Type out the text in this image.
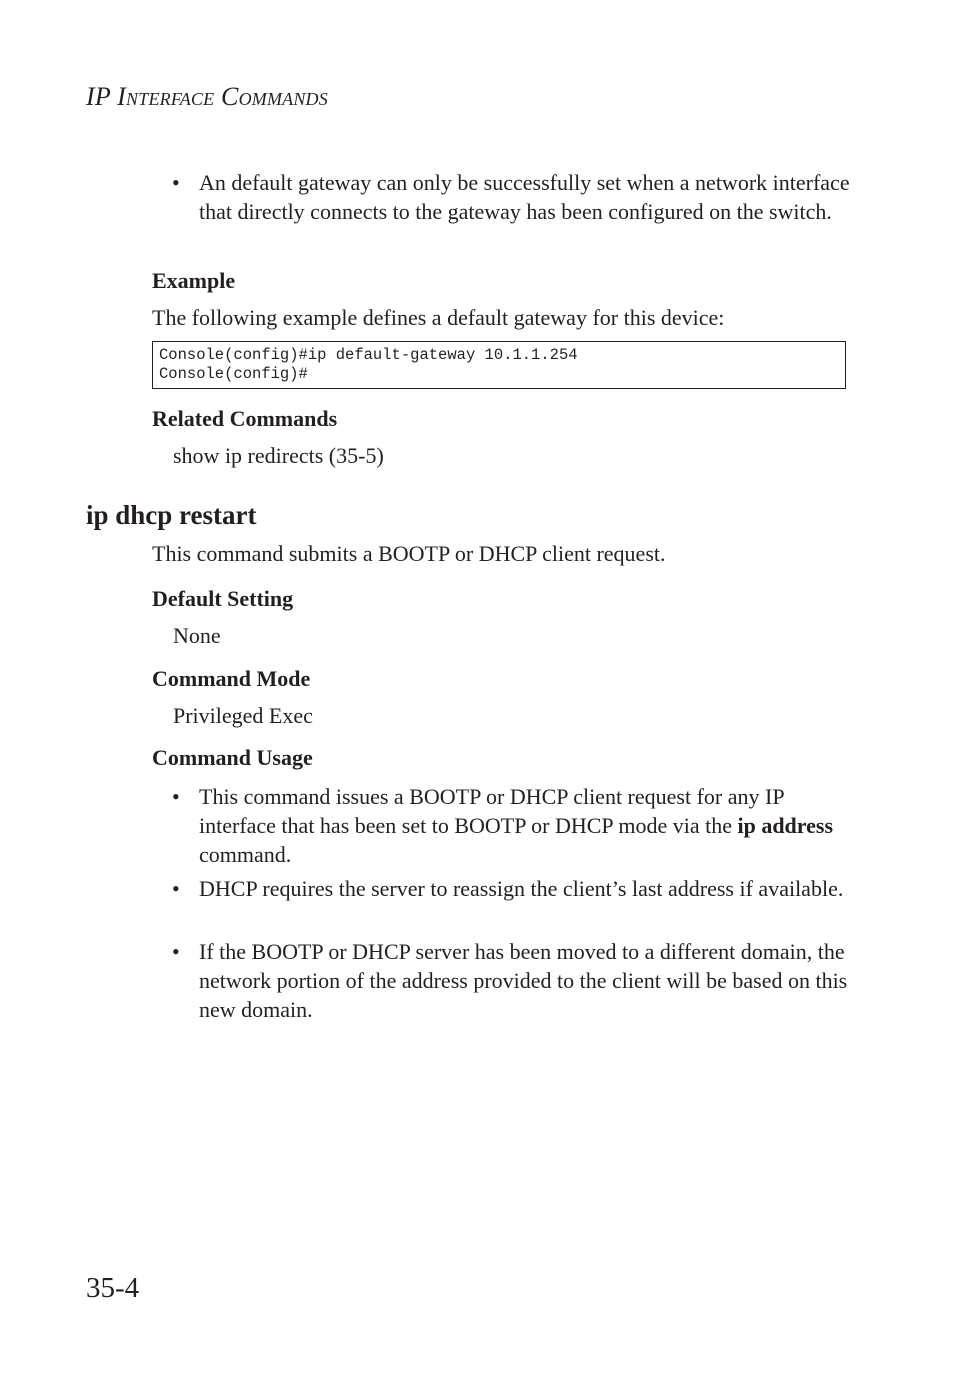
IP INTERFACE COMMANDS
• An default gateway can only be successfully set when a network interface that directly connects to the gateway has been configured on the switch.
Example
The following example defines a default gateway for this device:
Console(config)#ip default-gateway 10.1.1.254
Console(config)#
Related Commands
show ip redirects (35-5)
ip dhcp restart
This command submits a BOOTP or DHCP client request.
Default Setting
None
Command Mode
Privileged Exec
Command Usage
• This command issues a BOOTP or DHCP client request for any IP interface that has been set to BOOTP or DHCP mode via the ip address command.
• DHCP requires the server to reassign the client’s last address if available.
• If the BOOTP or DHCP server has been moved to a different domain, the network portion of the address provided to the client will be based on this new domain.
35-4
